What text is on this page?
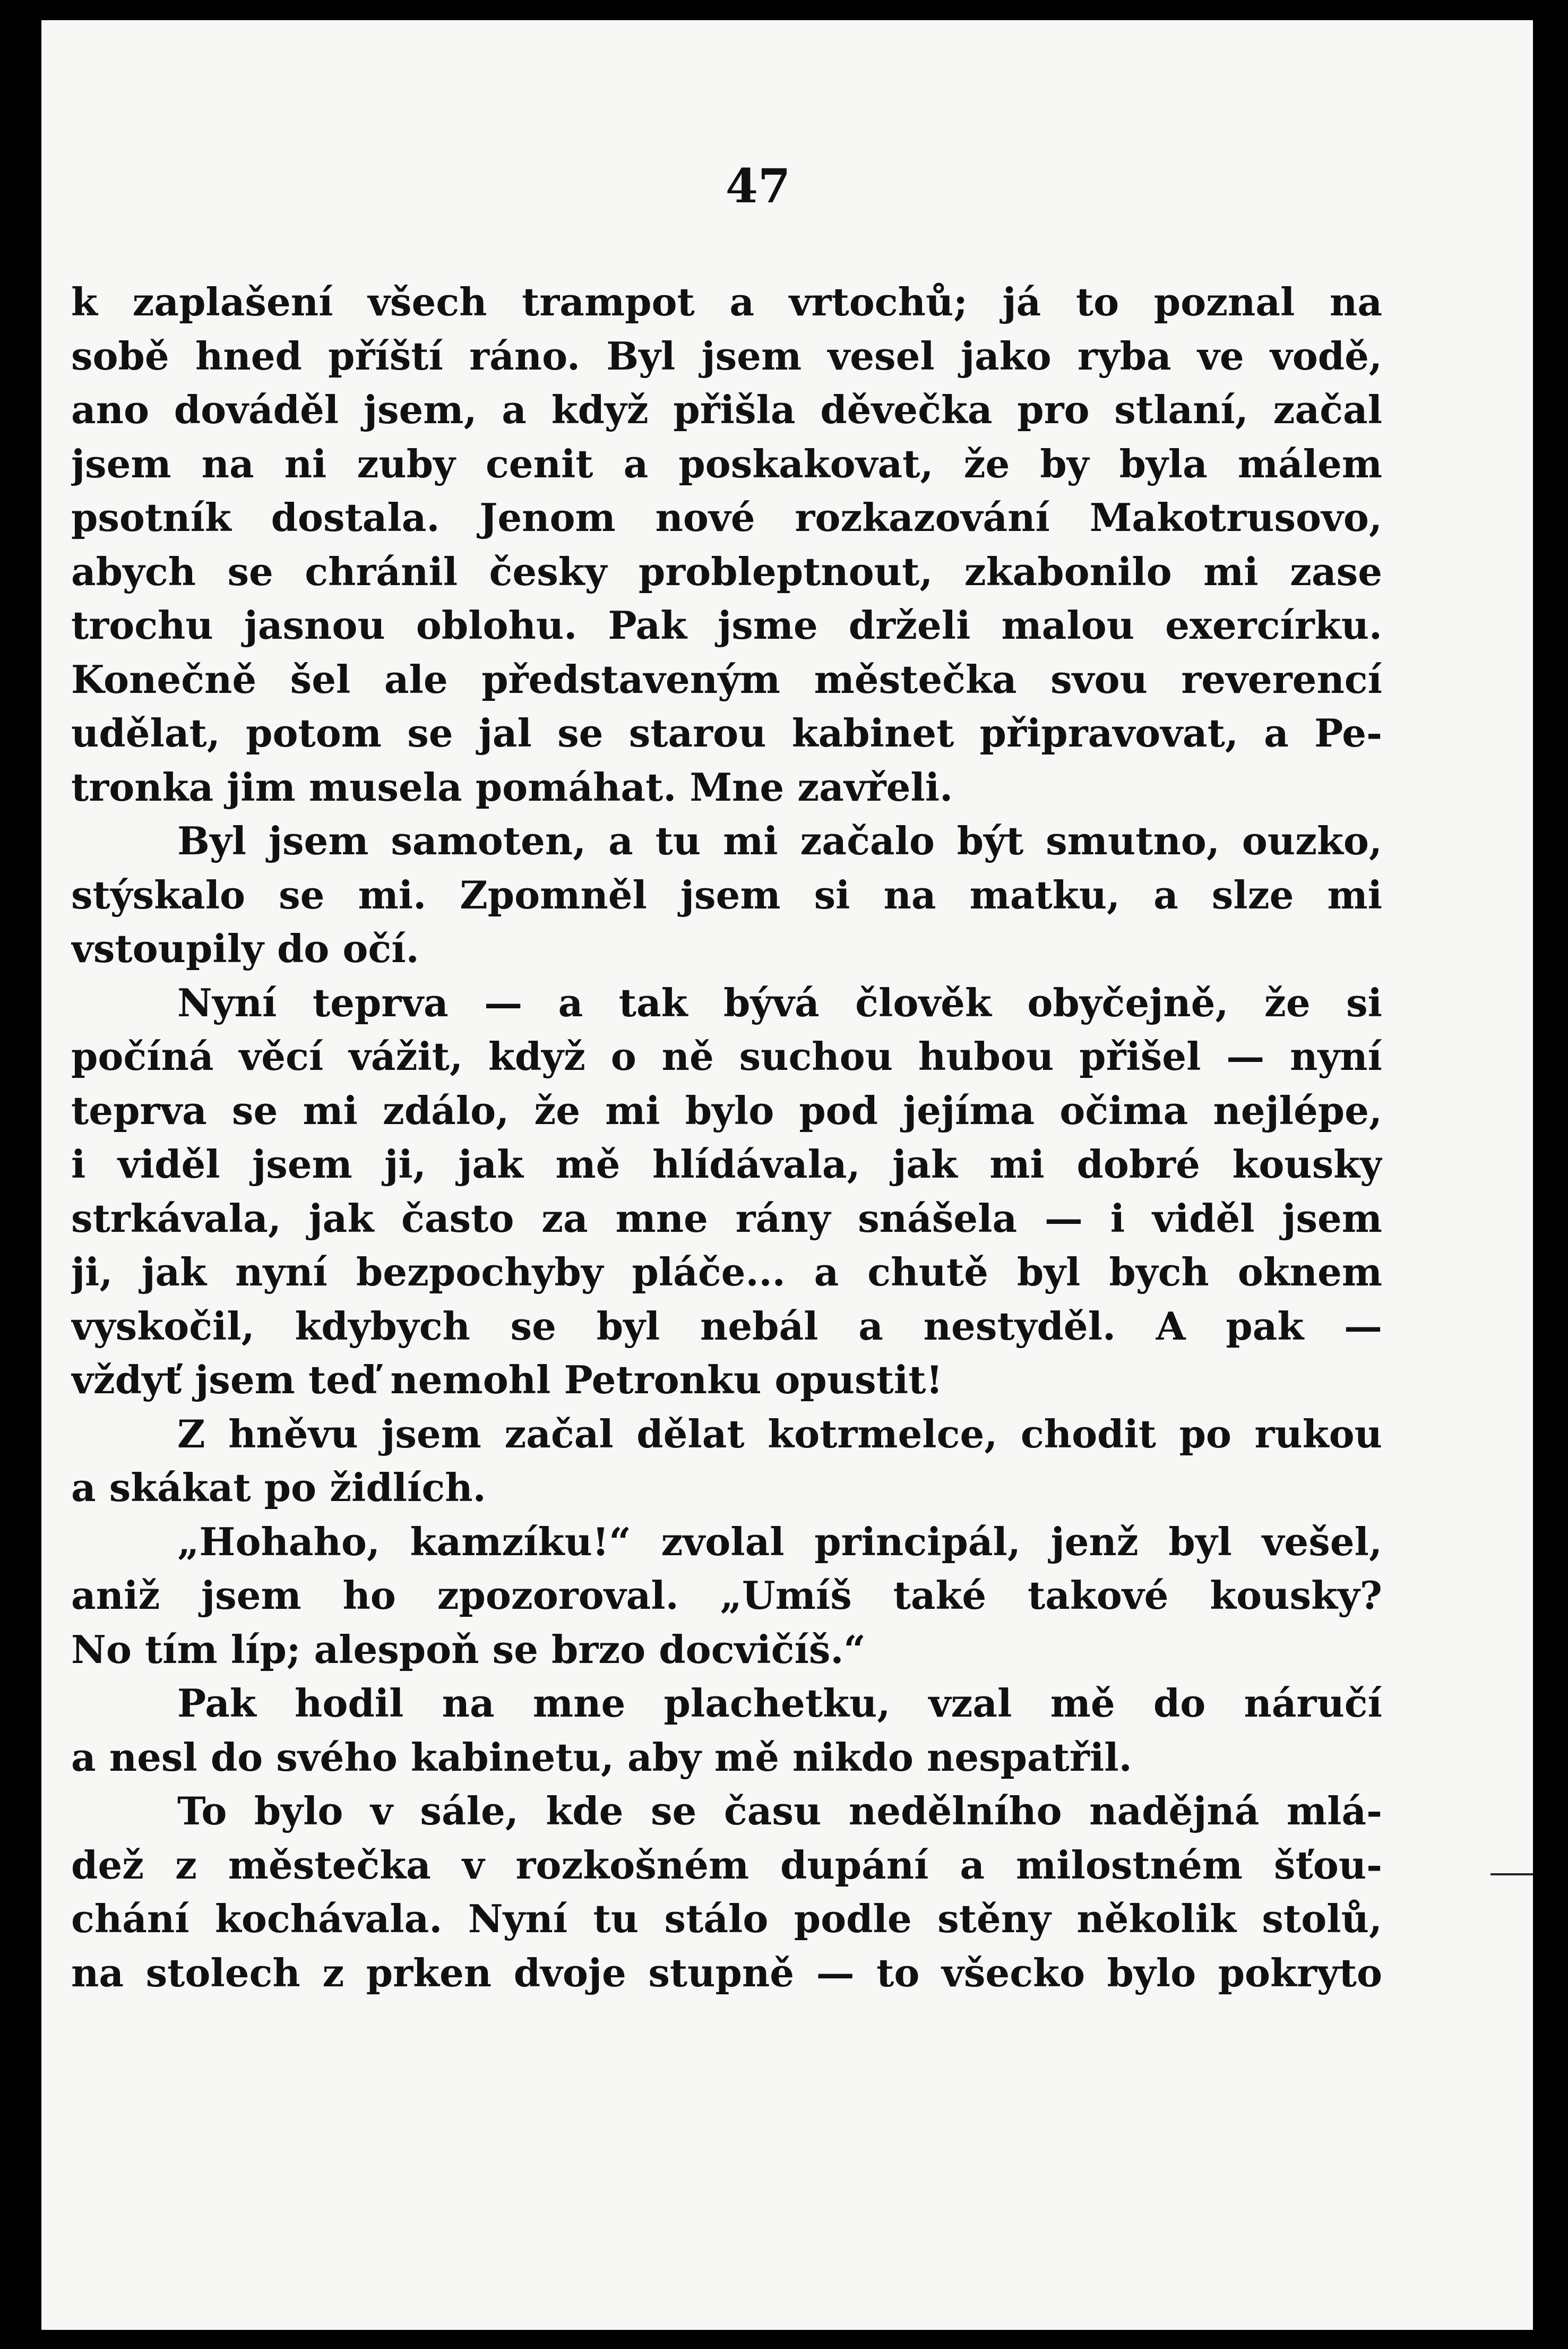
47
k zaplašení všech trampot a vrtochů; já to poznal na
sobě hned příští ráno. Byl jsem vesel jako ryba ve vodě,
ano dováděl jsem, a když přišla děvečka pro stlaní, začal
jsem na ni zuby cenit a poskakovat, že by byla málem
psotník dostala. Jenom nové rozkazování Makotrusovo,
abych se chránil česky probleptnout, zkabonilo mi zase
trochu jasnou oblohu. Pak jsme drželi malou exercírku.
Konečně šel ale představeným městečka svou reverencí
udělat, potom se jal se starou kabinet připravovat, a Pe-
tronka jim musela pomáhat. Mne zavřeli.
Byl jsem samoten, a tu mi začalo být smutno, ouzko,
stýskalo se mi. Zpomněl jsem si na matku, a slze mi
vstoupily do očí.
Nyní teprva — a tak bývá člověk obyčejně, že si
počíná věcí vážit, když o ně suchou hubou přišel — nyní
teprva se mi zdálo, že mi bylo pod jejíma očima nejlépe,
i viděl jsem ji, jak mě hlídávala, jak mi dobré kousky
strkávala, jak často za mne rány snášela — i viděl jsem
ji, jak nyní bezpochyby pláče... a chutě byl bych oknem
vyskočil, kdybych se byl nebál a nestyděl. A pak —
vždyť jsem teď nemohl Petronku opustit!
Z hněvu jsem začal dělat kotrmelce, chodit po rukou
a skákat po židlích.
„Hohaho, kamzíku!“ zvolal principál, jenž byl vešel,
aniž jsem ho zpozoroval. „Umíš také takové kousky?
No tím líp; alespoň se brzo docvičíš.“
Pak hodil na mne plachetku, vzal mě do náručí
a nesl do svého kabinetu, aby mě nikdo nespatřil.
To bylo v sále, kde se času nedělního nadějná mlá-
dež z městečka v rozkošném dupání a milostném šťou-
chání kochávala. Nyní tu stálo podle stěny několik stolů,
na stolech z prken dvoje stupně — to všecko bylo pokryto
